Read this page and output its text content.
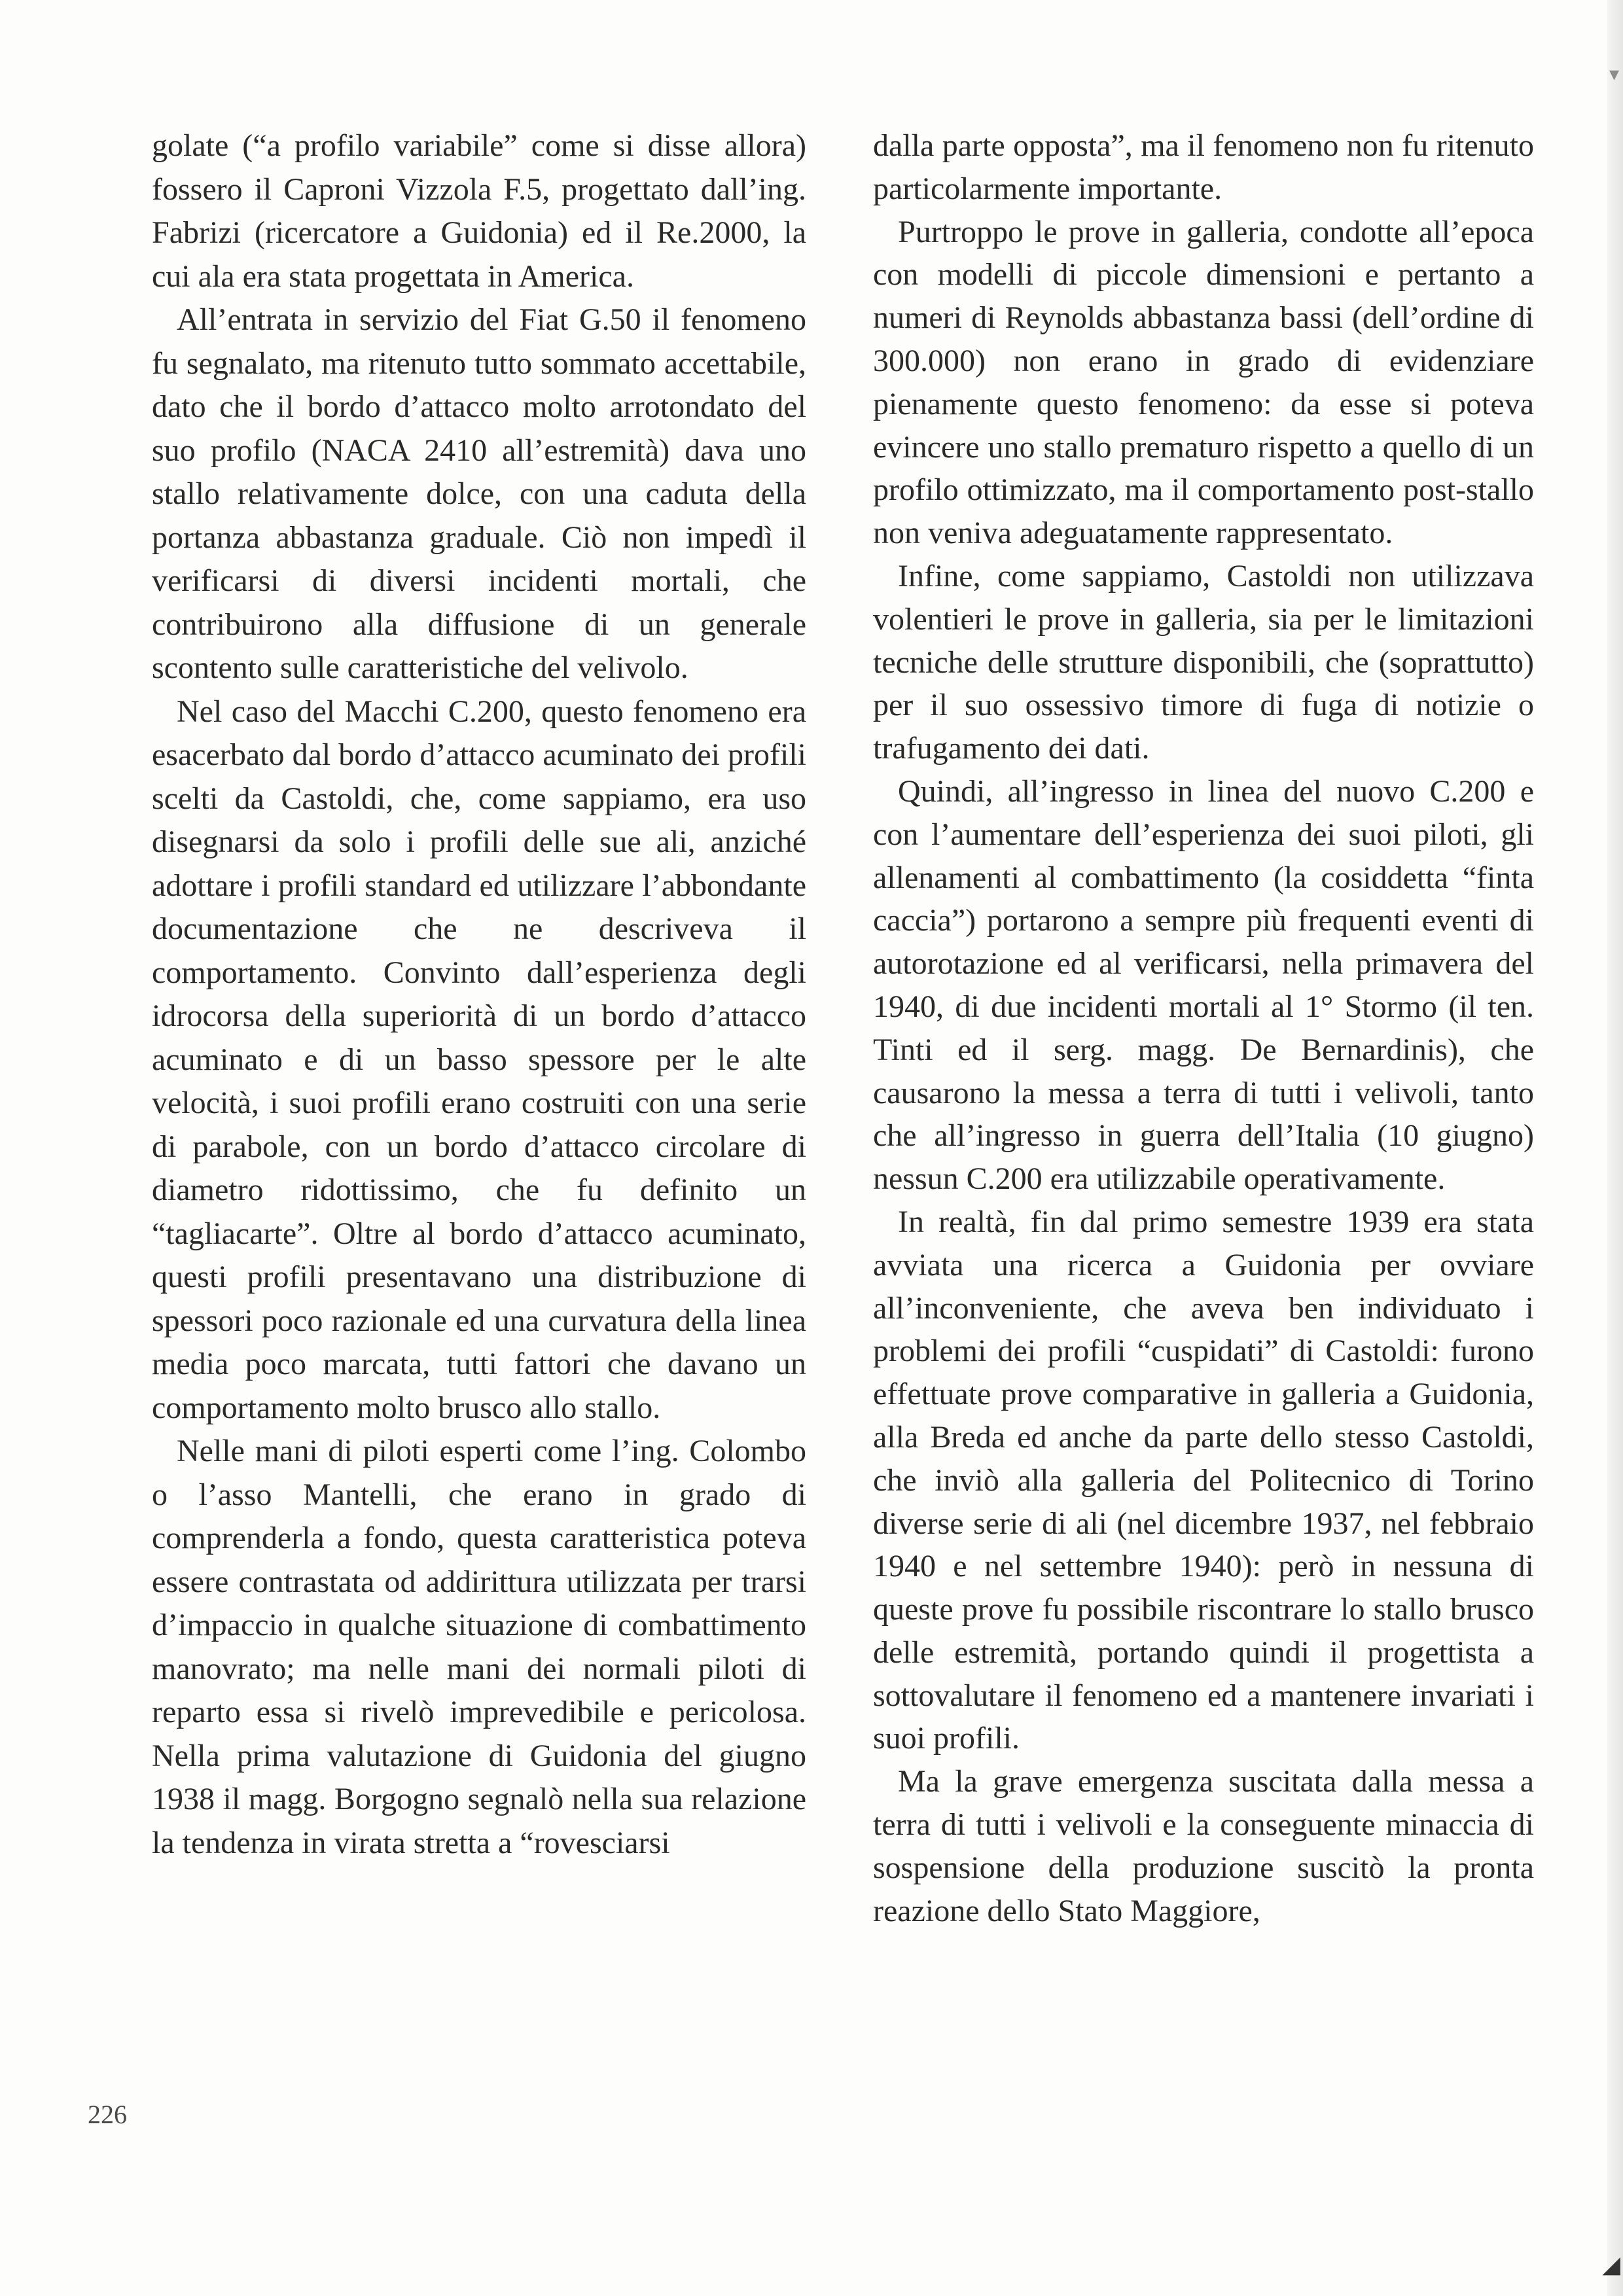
▾
◢

golate (“a profilo variabile” come si disse allora) fossero il Caproni Vizzola F.5, progettato dall’ing. Fabrizi (ricercatore a Guidonia) ed il Re.2000, la cui ala era stata progettata in America.

All’entrata in servizio del Fiat G.50 il fenomeno fu segnalato, ma ritenuto tutto sommato accettabile, dato che il bordo d’attacco molto arrotondato del suo profilo (NACA 2410 all’estremità) dava uno stallo relativamente dolce, con una caduta della portanza abbastanza graduale. Ciò non impedì il verificarsi di diversi incidenti mortali, che contribuirono alla diffusione di un generale scontento sulle caratteristiche del velivolo.

Nel caso del Macchi C.200, questo fenomeno era esacerbato dal bordo d’attacco acuminato dei profili scelti da Castoldi, che, come sappiamo, era uso disegnarsi da solo i profili delle sue ali, anziché adottare i profili standard ed utilizzare l’abbondante documentazione che ne descriveva il comportamento. Convinto dall’esperienza degli idrocorsa della superiorità di un bordo d’attacco acuminato e di un basso spessore per le alte velocità, i suoi profili erano costruiti con una serie di parabole, con un bordo d’attacco circolare di diametro ridottissimo, che fu definito un “tagliacarte”. Oltre al bordo d’attacco acuminato, questi profili presentavano una distribuzione di spessori poco razionale ed una curvatura della linea media poco marcata, tutti fattori che davano un comportamento molto brusco allo stallo.

Nelle mani di piloti esperti come l’ing. Colombo o l’asso Mantelli, che erano in grado di comprenderla a fondo, questa caratteristica poteva essere contrastata od addirittura utilizzata per trarsi d’impaccio in qualche situazione di combattimento manovrato; ma nelle mani dei normali piloti di reparto essa si rivelò imprevedibile e pericolosa. Nella prima valutazione di Guidonia del giugno 1938 il magg. Borgogno segnalò nella sua relazione la tendenza in virata stretta a “rovesciarsi

dalla parte opposta”, ma il fenomeno non fu ritenuto particolarmente importante.

Purtroppo le prove in galleria, condotte all’epoca con modelli di piccole dimensioni e pertanto a numeri di Reynolds abbastanza bassi (dell’ordine di 300.000) non erano in grado di evidenziare pienamente questo fenomeno: da esse si poteva evincere uno stallo prematuro rispetto a quello di un profilo ottimizzato, ma il comportamento post-stallo non veniva adeguatamente rappresentato.

Infine, come sappiamo, Castoldi non utilizzava volentieri le prove in galleria, sia per le limitazioni tecniche delle strutture disponibili, che (soprattutto) per il suo ossessivo timore di fuga di notizie o trafugamento dei dati.

Quindi, all’ingresso in linea del nuovo C.200 e con l’aumentare dell’esperienza dei suoi piloti, gli allenamenti al combattimento (la cosiddetta “finta caccia”) portarono a sempre più frequenti eventi di autorotazione ed al verificarsi, nella primavera del 1940, di due incidenti mortali al 1° Stormo (il ten. Tinti ed il serg. magg. De Bernardinis), che causarono la messa a terra di tutti i velivoli, tanto che all’ingresso in guerra dell’Italia (10 giugno) nessun C.200 era utilizzabile operativamente.

In realtà, fin dal primo semestre 1939 era stata avviata una ricerca a Guidonia per ovviare all’inconveniente, che aveva ben individuato i problemi dei profili “cuspidati” di Castoldi: furono effettuate prove comparative in galleria a Guidonia, alla Breda ed anche da parte dello stesso Castoldi, che inviò alla galleria del Politecnico di Torino diverse serie di ali (nel dicembre 1937, nel febbraio 1940 e nel settembre 1940): però in nessuna di queste prove fu possibile riscontrare lo stallo brusco delle estremità, portando quindi il progettista a sottovalutare il fenomeno ed a mantenere invariati i suoi profili.

Ma la grave emergenza suscitata dalla messa a terra di tutti i velivoli e la conseguente minaccia di sospensione della produzione suscitò la pronta reazione dello Stato Maggiore,

226
